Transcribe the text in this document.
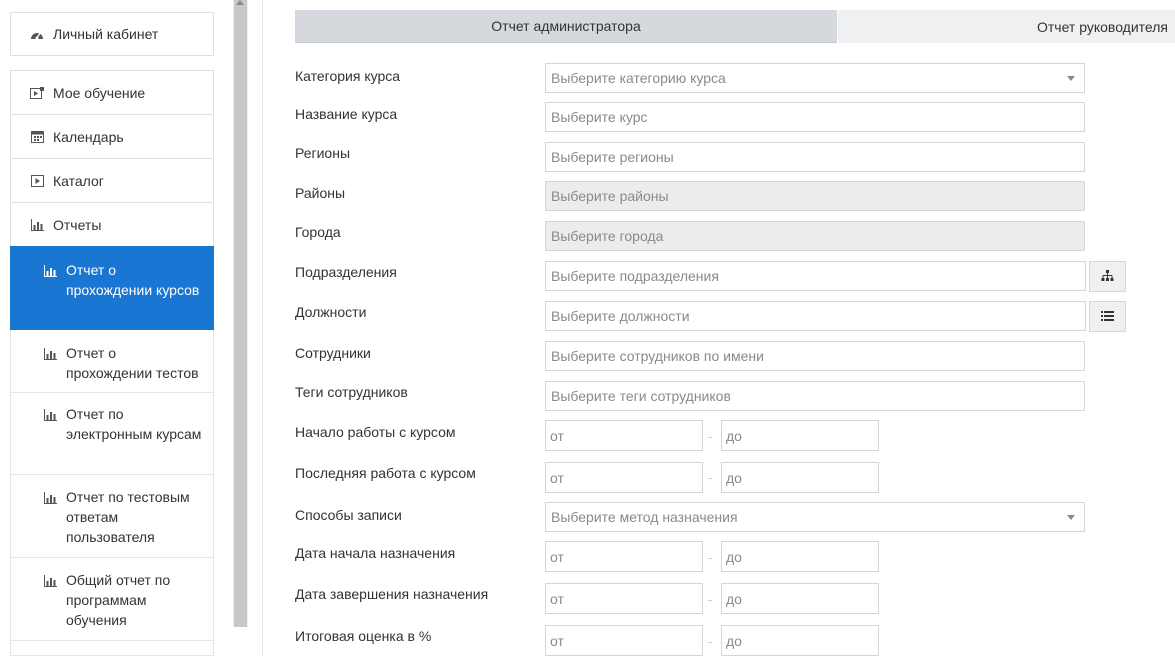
Личный кабинет
Мое обучение
Календарь
Каталог
Отчеты
Отчет о прохождении курсов
Отчет о прохождении тестов
Отчет по электронным курсам
Отчет по тестовым ответам пользователя
Общий отчет по программам обучения
Отчет администратора	Отчет руководителя
Категория курса	Выберите категорию курса
Название курса	Выберите курс
Регионы	Выберите регионы
Районы	Выберите районы
Города	Выберите города
Подразделения	Выберите подразделения
Должности	Выберите должности
Сотрудники	Выберите сотрудников по имени
Теги сотрудников	Выберите теги сотрудников
Начало работы с курсом	от	- до
Последняя работа с курсом	от	- до
Способы записи	Выберите метод назначения
Дата начала назначения	от	- до
Дата завершения назначения	от	- до
Итоговая оценка в %	от	- до
